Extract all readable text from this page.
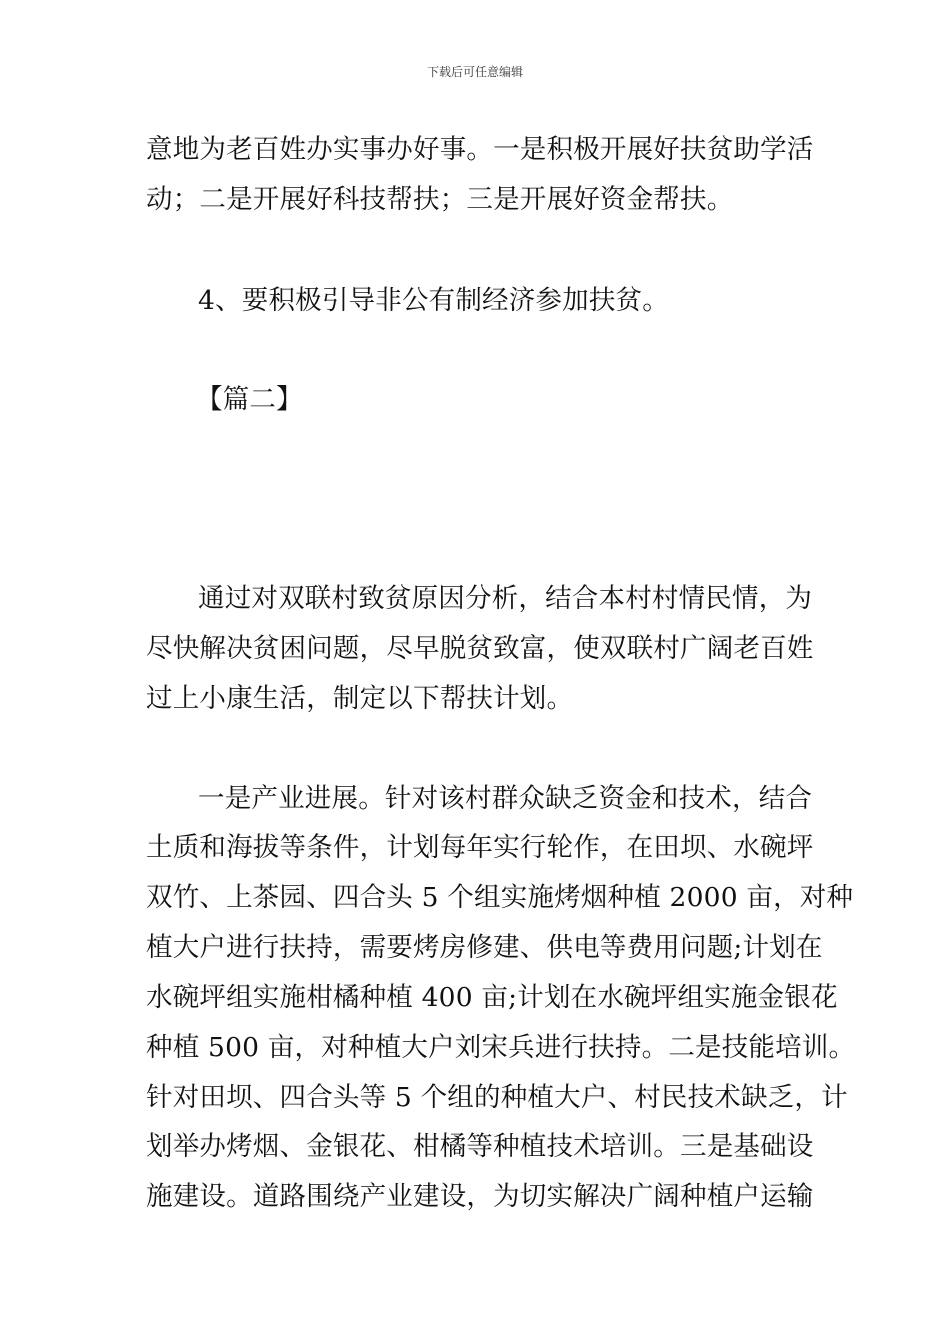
下载后可任意编辑
意地为老百姓办实事办好事。一是积极开展好扶贫助学活
动；二是开展好科技帮扶；三是开展好资金帮扶。
4、要积极引导非公有制经济参加扶贫。
【篇二】
通过对双联村致贫原因分析，结合本村村情民情，为
尽快解决贫困问题，尽早脱贫致富，使双联村广阔老百姓
过上小康生活，制定以下帮扶计划。
一是产业进展。针对该村群众缺乏资金和技术，结合
土质和海拔等条件，计划每年实行轮作，在田坝、水碗坪
双竹、上茶园、四合头 5 个组实施烤烟种植 2000 亩，对种
植大户进行扶持，需要烤房修建、供电等费用问题;计划在
水碗坪组实施柑橘种植 400 亩;计划在水碗坪组实施金银花
种植 500 亩，对种植大户刘宋兵进行扶持。二是技能培训。
针对田坝、四合头等 5 个组的种植大户、村民技术缺乏，计
划举办烤烟、金银花、柑橘等种植技术培训。三是基础设
施建设。道路围绕产业建设，为切实解决广阔种植户运输
